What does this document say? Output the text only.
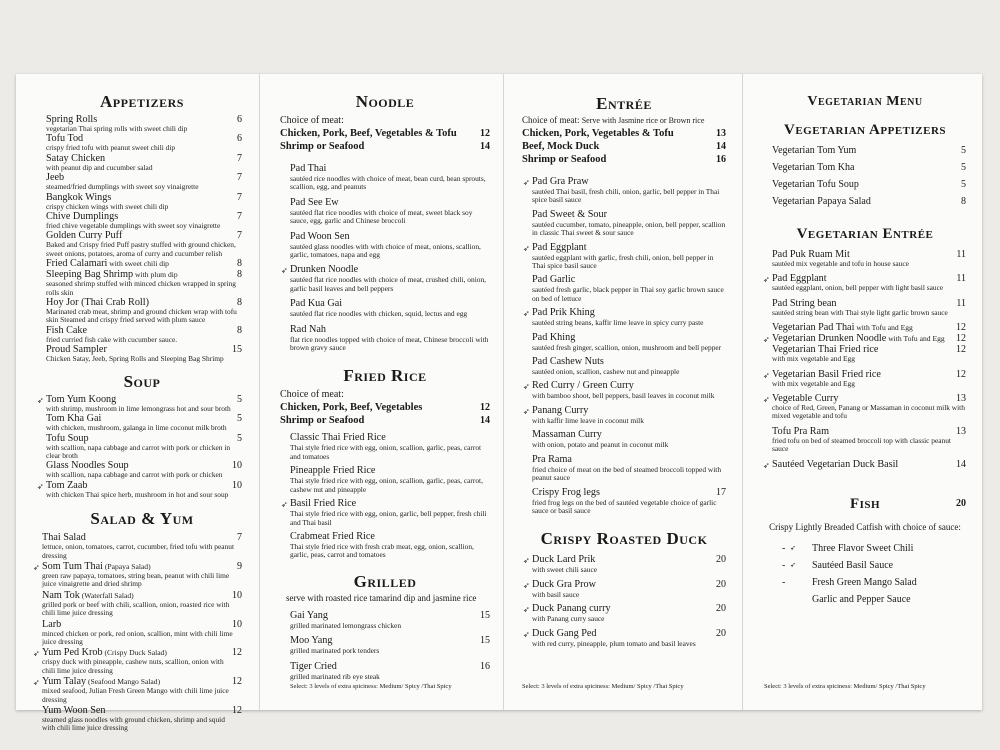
Appetizers
Spring Rolls	6
vegetarian Thai spring rolls with sweet chili dip
Tofu Tod	6
crispy fried tofu with peanut sweet chili dip
Satay Chicken	7
with peanut dip and cucumber salad
Jeeb	7
steamed/fried dumplings with sweet soy vinaigrette
Bangkok Wings	7
crispy chicken wings with sweet chili dip
Chive Dumplings	7
fried chive vegetable dumplings with sweet soy vinaigrette
Golden Curry Puff	7
Baked and Crispy fried Puff pastry stuffed with ground chicken, sweet onions, potatoes, aroma of curry and cucumber relish
Fried Calamari with sweet chili dip	8
Sleeping Bag Shrimp with plum dip	8
seasoned shrimp stuffed with minced chicken wrapped in spring rolls skin
Hoy Jor (Thai Crab Roll)	8
Marinated crab meat, shrimp and ground chicken wrap with tofu skin Steamed and crispy fried served with plum sauce
Fish Cake	8
fried curried fish cake with cucumber sauce.
Proud Sampler	15
Chicken Satay, Jeeb, Spring Rolls and Sleeping Bag Shrimp
Soup
➶ Tom Yum Koong	5
with shrimp, mushroom in lime lemongrass hot and sour broth
Tom Kha Gai	5
with chicken, mushroom, galanga in lime coconut milk broth
Tofu Soup	5
with scallion, napa cabbage and carrot with pork or chicken in clear broth
Glass Noodles Soup	10
with scallion, napa cabbage and carrot with pork or chicken
➶ Tom Zaab	10
with chicken Thai spice herb, mushroom in hot and sour soup
Salad & Yum
Thai Salad	7
lettuce, onion, tomatoes, carrot, cucumber, fried tofu with peanut dressing
➶ Som Tum Thai (Papaya Salad)	9
green raw papaya, tomatoes, string bean, peanut with chili lime juice vinaigrette and dried shrimp
Nam Tok (Waterfall Salad)	10
grilled pork or beef with chili, scallion, onion, roasted rice with chili lime juice dressing
Larb	10
minced chicken or pork, red onion, scallion, mint with chili lime juice dressing
➶ Yum Ped Krob (Crispy Duck Salad)	12
crispy duck with pineapple, cashew nuts, scallion, onion with chili lime juice dressing
➶ Yum Talay (Seafood Mango Salad)	12
mixed seafood, Julian Fresh Green Mango with chili lime juice dressing
Yum Woon Sen	12
steamed glass noodles with ground chicken, shrimp and squid with chili lime juice dressing
Noodle
Choice of meat:
Chicken, Pork, Beef, Vegetables & Tofu 12
Shrimp or Seafood	14
Pad Thai
sautéed rice noodles with choice of meat, bean curd, bean sprouts, scallion, egg, and peanuts
Pad See Ew
sautéed flat rice noodles with choice of meat, sweet black soy sauce, egg, garlic and Chinese broccoli
Pad Woon Sen
sautéed glass noodles with with choice of meat, onions, scallion, garlic, tomatoes, napa and egg
➶ Drunken Noodle
sautéed flat rice noodles with choice of meat, crushed chili, onion, garlic basil leaves and bell peppers
Pad Kua Gai
sautéed flat rice noodles with chicken, squid, lectus and egg
Rad Nah
flat rice noodles topped with choice of meat, Chinese broccoli with brown gravy sauce
Fried Rice
Choice of meat:
Chicken, Pork, Beef, Vegetables	12
Shrimp or Seafood	14
Classic Thai Fried Rice
Thai style fried rice with egg, onion, scallion, garlic, peas, carrot and tomatoes
Pineapple Fried Rice
Thai style fried rice with egg, onion, scallion, garlic, peas, carrot, cashew nut and pineapple
➶ Basil Fried Rice
Thai style fried rice with egg, onion, garlic, bell pepper, fresh chili and Thai basil
Crabmeat Fried Rice
Thai style fried rice with fresh crab meat, egg, onion, scallion, garlic, peas, carrot and tomatoes
Grilled
serve with roasted rice tamarind dip and jasmine rice
Gai Yang	15
grilled marinated lemongrass chicken
Moo Yang	15
grilled marinated pork tenders
Tiger Cried	16
grilled marinated rib eye steak
Select: 3 levels of extra spiciness: Medium/ Spicy /Thai Spicy
Entrée
Choice of meat: Serve with Jasmine rice or Brown rice
Chicken, Pork, Vegetables & Tofu	13
Beef, Mock Duck	14
Shrimp or Seafood	16
➶ Pad Gra Praw
sautéed Thai basil, fresh chili, onion, garlic, bell pepper in Thai spice basil sauce
Pad Sweet & Sour
sautéed cucumber, tomato, pineapple, onion, bell pepper, scallion in classic Thai sweet & sour sauce
➶ Pad Eggplant
sautéed eggplant with garlic, fresh chili, onion, bell pepper in Thai spice basil sauce
Pad Garlic
sautéed fresh garlic, black pepper in Thai soy garlic brown sauce on bed of lettuce
➶ Pad Prik Khing
sautéed string beans, kaffir lime leave in spicy curry paste
Pad Khing
sautéed fresh ginger, scallion, onion, mushroom and bell pepper
Pad Cashew Nuts
sautéed onion, scallion, cashew nut and pineapple
➶ Red Curry / Green Curry
with bamboo shoot, bell peppers, basil leaves in coconut milk
➶ Panang Curry
with kaffir lime leave in coconut milk
Massaman Curry
with onion, potato and peanut in coconut milk
Pra Rama
fried choice of meat on the bed of steamed broccoli topped with peanut sauce
Crispy Frog legs	17
fried frog legs on the bed of sautéed vegetable choice of garlic sauce or basil sauce
Crispy Roasted Duck
➶ Duck Lard Prik	20
with sweet chili sauce
➶ Duck Gra Prow	20
with basil sauce
➶ Duck Panang curry	20
with Panang curry sauce
➶ Duck Gang Ped	20
with red curry, pineapple, plum tomato and basil leaves
Select: 3 levels of extra spiciness: Medium/ Spicy /Thai Spicy
Vegetarian Menu
Vegetarian Appetizers
Vegetarian Tom Yum	5
Vegetarian Tom Kha	5
Vegetarian Tofu Soup	5
Vegetarian Papaya Salad	8
Vegetarian Entrée
Pad Puk Ruam Mit	11
sautéed mix vegetable and tofu in house sauce
➶ Pad Eggplant	11
sautéed eggplant, onion, bell pepper with light basil sauce
Pad String bean	11
sautéed string bean with Thai style light garlic brown sauce
Vegetarian Pad Thai with Tofu and Egg	12
➶ Vegetarian Drunken Noodle with Tofu and Egg 12
Vegetarian Thai Fried rice	12
with mix vegetable and Egg
➶ Vegetarian Basil Fried rice	12
with mix vegetable and Egg
➶ Vegetable Curry	13
choice of Red, Green, Panang or Massaman in coconut milk with mixed vegetable and tofu
Tofu Pra Ram	13
fried tofu on bed of steamed broccoli top with classic peanut sauce
➶ Sautéed Vegetarian Duck Basil	14
Fish	20
Crispy Lightly Breaded Catfish with choice of sauce:
- ➶ Three Flavor Sweet Chili
- ➶ Sautéed Basil Sauce
-	Fresh Green Mango Salad
Garlic and Pepper Sauce
Select: 3 levels of extra spiciness: Medium/ Spicy /Thai Spicy
